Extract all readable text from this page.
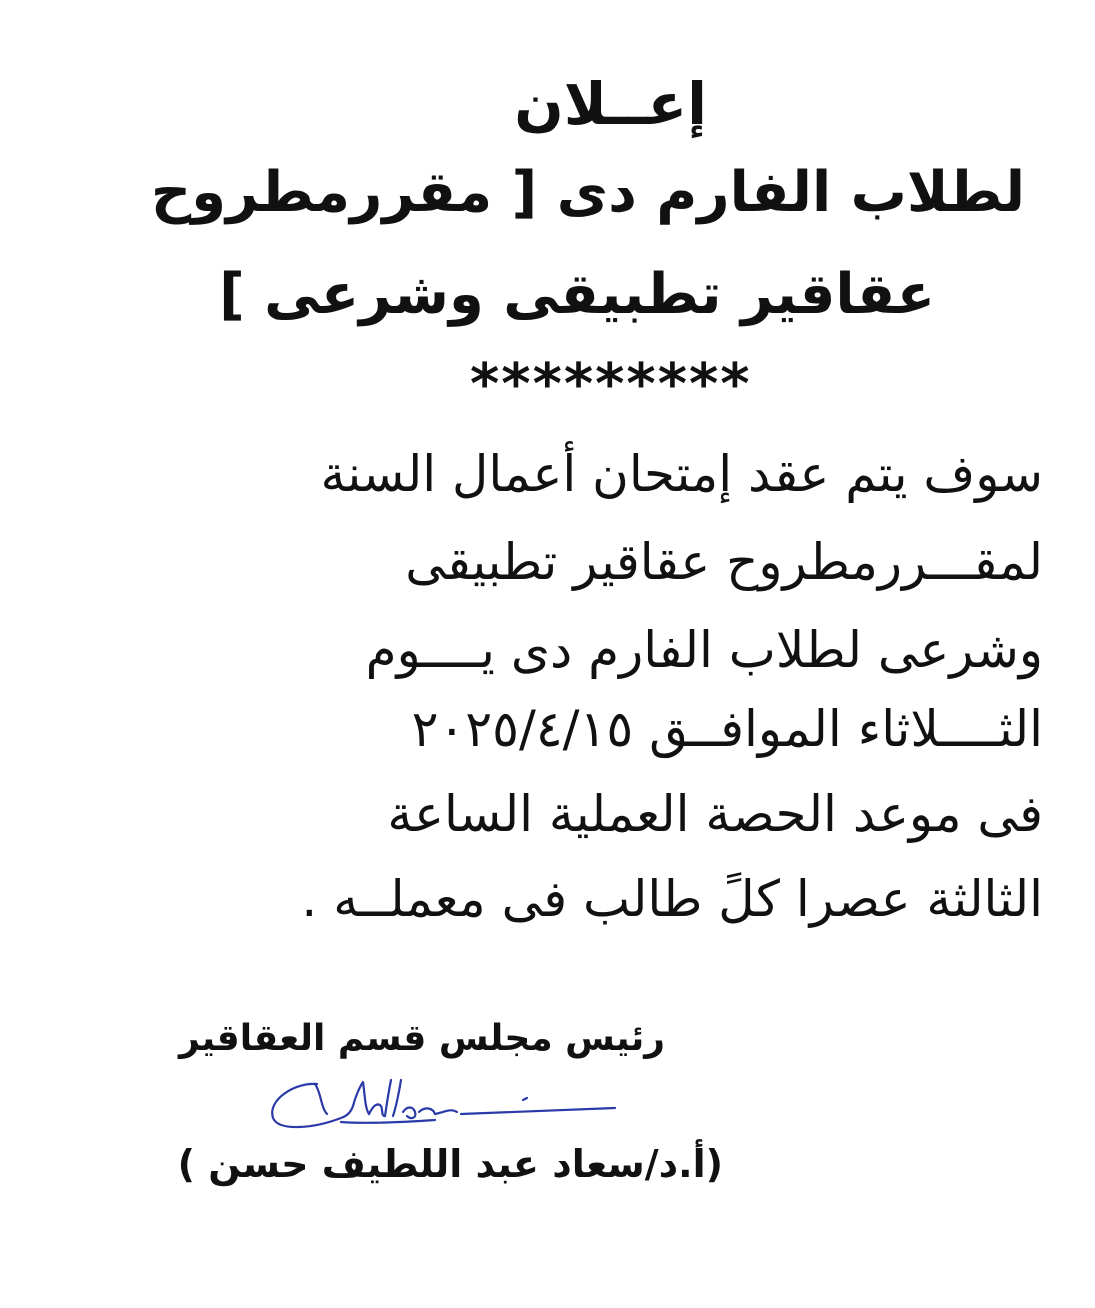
إعــلان
لطلاب الفارم دى [ مقررمطروح
عقاقير تطبيقى وشرعى ]
*********
سوف يتم عقد إمتحان أعمال السنة
لمقـــررمطروح عقاقير تطبيقى
وشرعى لطلاب الفارم دى يــــوم
الثــــلاثاء الموافــق ٢٠٢٥/٤/١٥
فى موعد الحصة العملية الساعة
الثالثة عصرا كلً طالب فى معملــه .
رئيس مجلس قسم العقاقير
(أ.د/سعاد عبد اللطيف حسن )
